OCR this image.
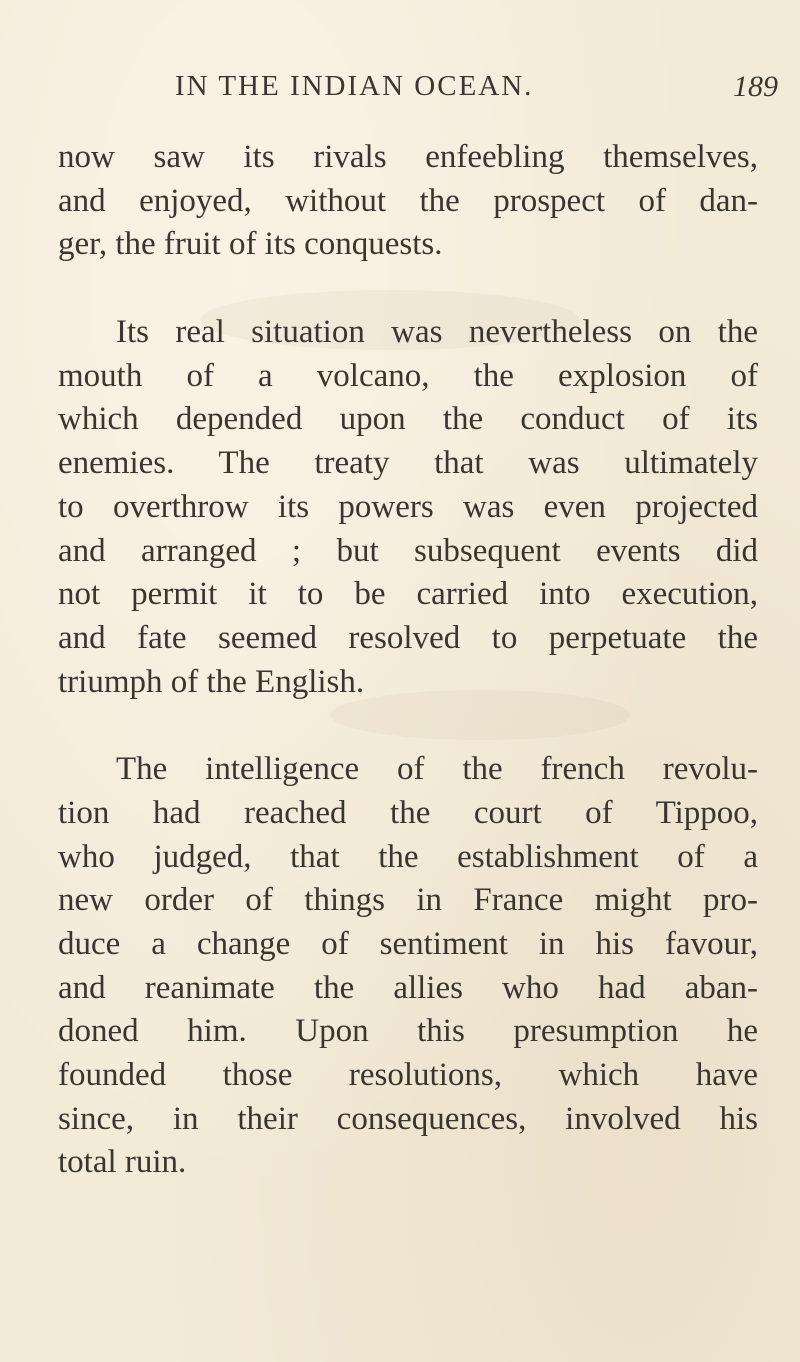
IN THE INDIAN OCEAN.	189
now saw its rivals enfeebling themselves,
and enjoyed, without the prospect of dan-
ger, the fruit of its conquests.
Its real situation was nevertheless on the
mouth of a volcano, the explosion of
which depended upon the conduct of its
enemies. The treaty that was ultimately
to overthrow its powers was even projected
and arranged ; but subsequent events did
not permit it to be carried into execution,
and fate seemed resolved to perpetuate the
triumph of the English.
The intelligence of the french revolu-
tion had reached the court of Tippoo,
who judged, that the establishment of a
new order of things in France might pro-
duce a change of sentiment in his favour,
and reanimate the allies who had aban-
doned him. Upon this presumption he
founded those resolutions, which have
since, in their consequences, involved his
total ruin.
